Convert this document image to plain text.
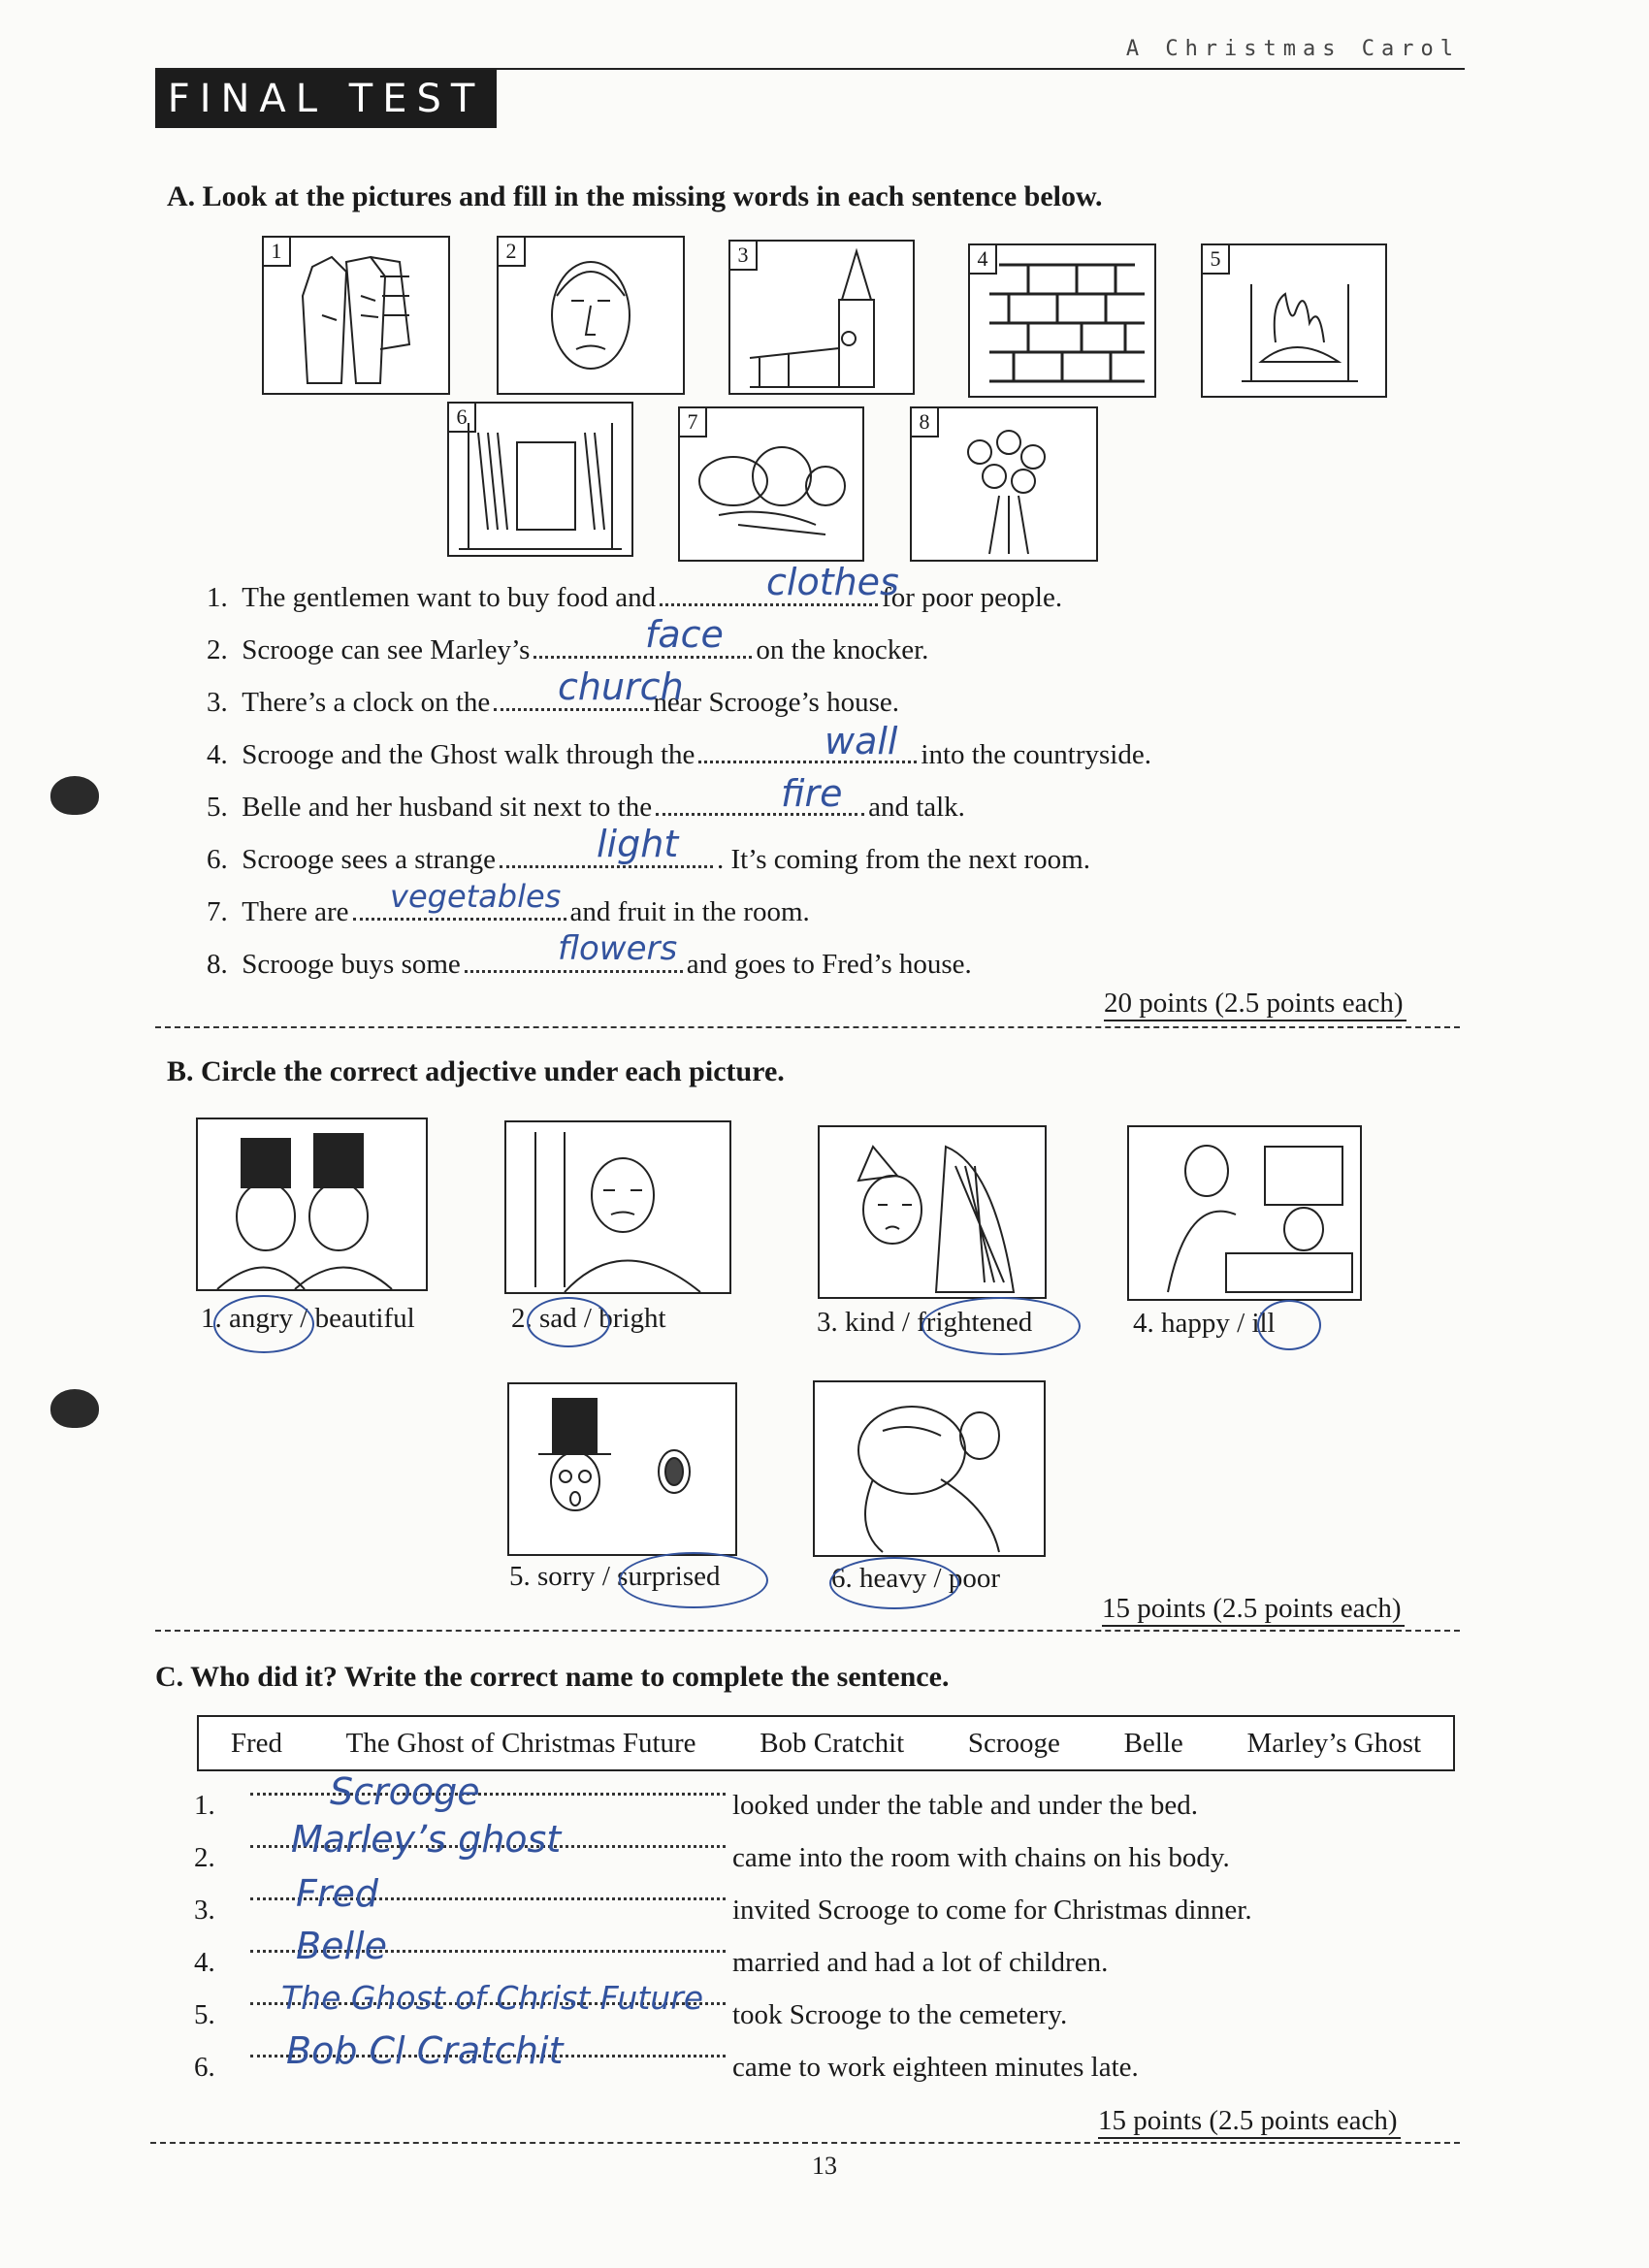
A Christmas Carol
FINAL TEST
A. Look at the pictures and fill in the missing words in each sentence below.
1	2	3	4	5
6	7	8
1. The gentlemen want to buy food and	for poor people.
clothes
2. Scrooge can see Marley’s	on the knocker.
face
3. There’s a clock on the	near Scrooge’s house.
church
4. Scrooge and the Ghost walk through the	into the countryside.
wall
5. Belle and her husband sit next to the	and talk.
fire
6. Scrooge sees a strange	. It’s coming from the next room.
light
7. There are	and fruit in the room.
vegetables
8. Scrooge buys some	and goes to Fred’s house.
flowers
20 points (2.5 points each)
B. Circle the correct adjective under each picture.
1. angry / beautiful	2. sad / bright	3. kind / frightened	4. happy / ill
5. sorry / surprised	6. heavy / poor
15 points (2.5 points each)
C. Who did it? Write the correct name to complete the sentence.
Fred The Ghost of Christmas Future Bob Cratchit Scrooge Belle Marley’s Ghost
1.	looked under the table and under the bed.
Scrooge
2.	came into the room with chains on his body.
Marley’s ghost
3.	invited Scrooge to come for Christmas dinner.
Fred
4.	married and had a lot of children.
Belle
5.	took Scrooge to the cemetery.
The Ghost of Christ Future
6.	came to work eighteen minutes late.
Bob Cl Cratchit
15 points (2.5 points each)
13
